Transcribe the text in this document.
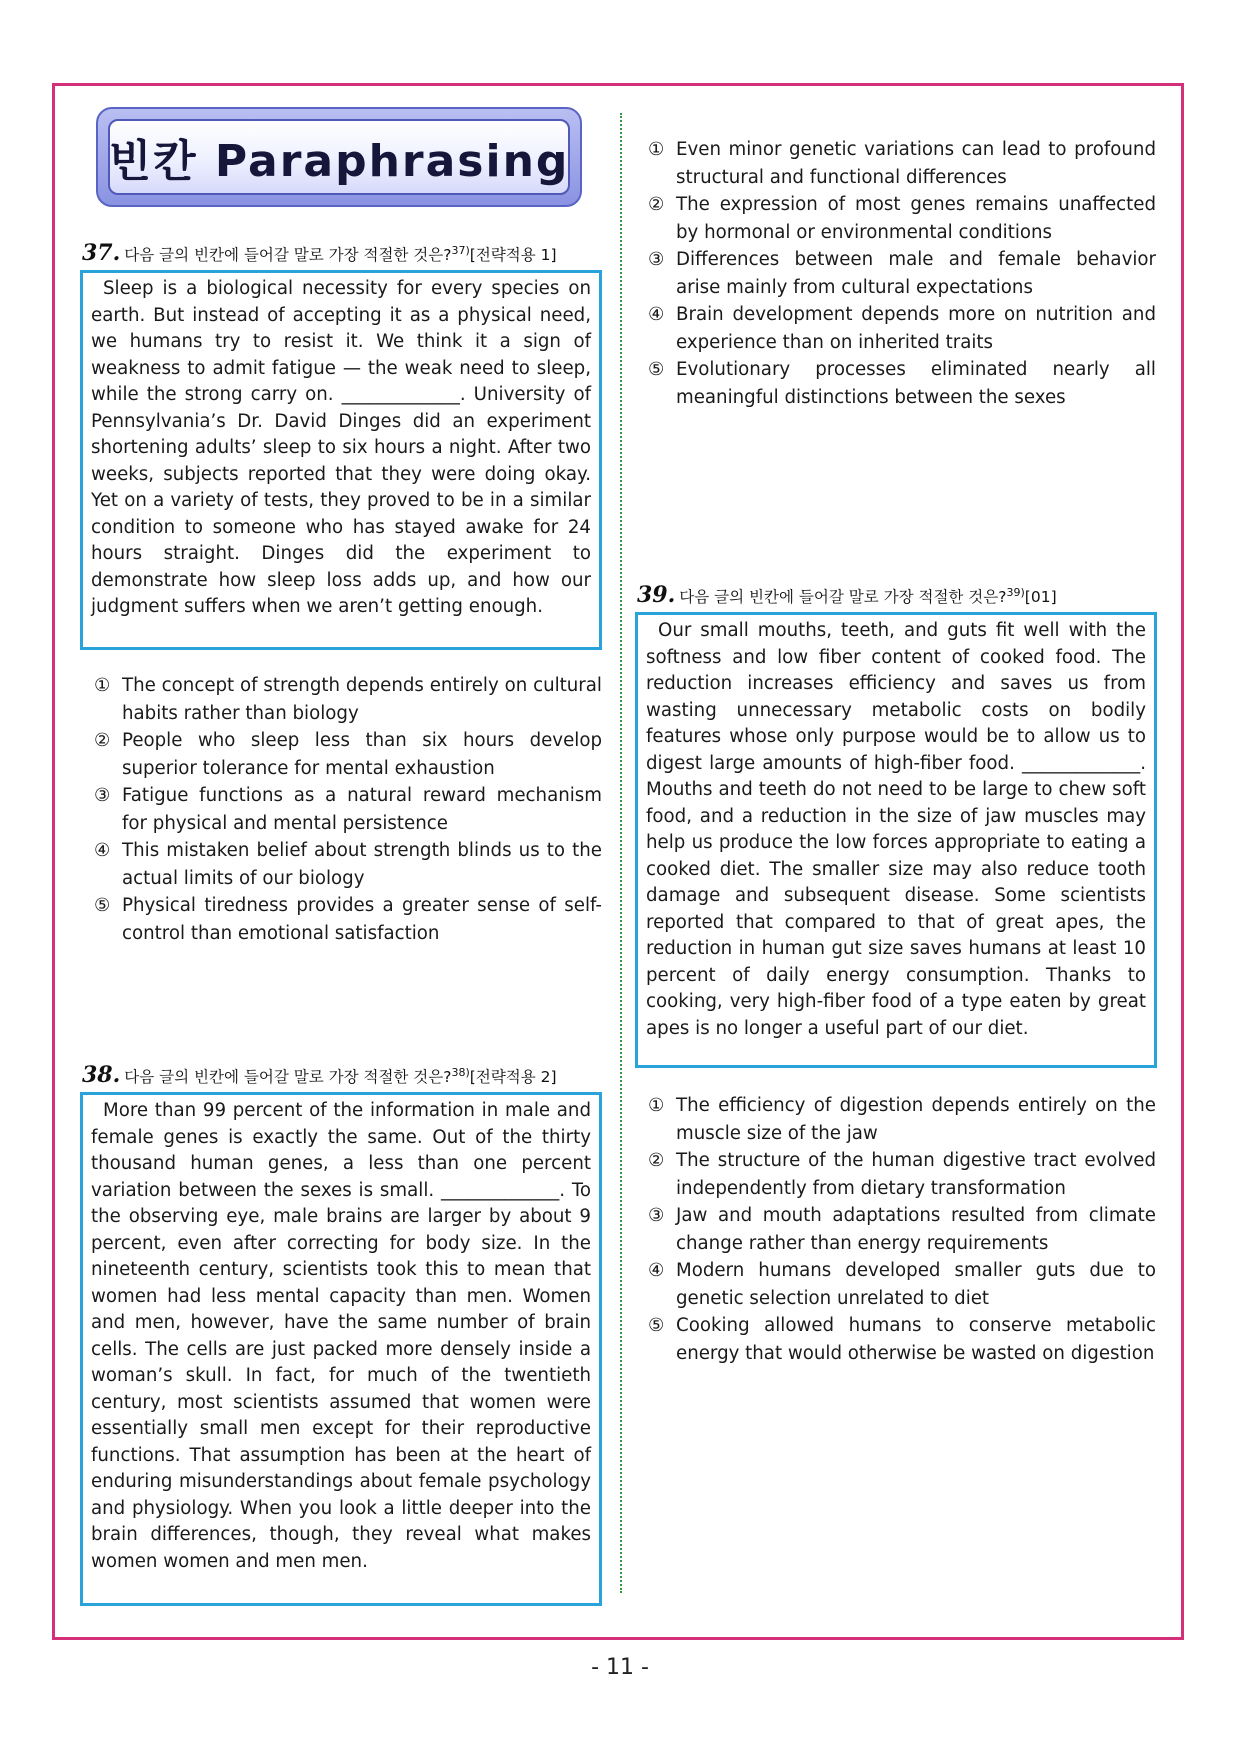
빈칸 Paraphrasing
37. 다음 글의 빈칸에 들어갈 말로 가장 적절한 것은?$^{37)}$[전략적용 1]

Sleep is a biological necessity for every species on earth. But instead of accepting it as a physical need, we humans try to resist it. We think it a sign of weakness to admit fatigue — the weak need to sleep, while the strong carry on. _____________. University of Pennsylvania’s Dr. David Dinges did an experiment shortening adults’ sleep to six hours a night. After two weeks, subjects reported that they were doing okay. Yet on a variety of tests, they proved to be in a similar condition to someone who has stayed awake for 24 hours straight. Dinges did the experiment to demonstrate how sleep loss adds up, and how our judgment suffers when we aren’t getting enough.

① The concept of strength depends entirely on cultural habits rather than biology
② People who sleep less than six hours develop superior tolerance for mental exhaustion
③ Fatigue functions as a natural reward mechanism for physical and mental persistence
④ This mistaken belief about strength blinds us to the actual limits of our biology
⑤ Physical tiredness provides a greater sense of self-control than emotional satisfaction
38. 다음 글의 빈칸에 들어갈 말로 가장 적절한 것은?$^{38)}$[전략적용 2]

More than 99 percent of the information in male and female genes is exactly the same. Out of the thirty thousand human genes, a less than one percent variation between the sexes is small. _____________. To the observing eye, male brains are larger by about 9 percent, even after correcting for body size. In the nineteenth century, scientists took this to mean that women had less mental capacity than men. Women and men, however, have the same number of brain cells. The cells are just packed more densely inside a woman’s skull. In fact, for much of the twentieth century, most scientists assumed that women were essentially small men except for their reproductive functions. That assumption has been at the heart of enduring misunderstandings about female psychology and physiology. When you look a little deeper into the brain differences, though, they reveal what makes women women and men men.

① Even minor genetic variations can lead to profound structural and functional differences
② The expression of most genes remains unaffected by hormonal or environmental conditions
③ Differences between male and female behavior arise mainly from cultural expectations
④ Brain development depends more on nutrition and experience than on inherited traits
⑤ Evolutionary processes eliminated nearly all meaningful distinctions between the sexes
39. 다음 글의 빈칸에 들어갈 말로 가장 적절한 것은?$^{39)}$[01]

Our small mouths, teeth, and guts fit well with the softness and low fiber content of cooked food. The reduction increases efficiency and saves us from wasting unnecessary metabolic costs on bodily features whose only purpose would be to allow us to digest large amounts of high-fiber food. _____________. Mouths and teeth do not need to be large to chew soft food, and a reduction in the size of jaw muscles may help us produce the low forces appropriate to eating a cooked diet. The smaller size may also reduce tooth damage and subsequent disease. Some scientists reported that compared to that of great apes, the reduction in human gut size saves humans at least 10 percent of daily energy consumption. Thanks to cooking, very high-fiber food of a type eaten by great apes is no longer a useful part of our diet.

① The efficiency of digestion depends entirely on the muscle size of the jaw
② The structure of the human digestive tract evolved independently from dietary transformation
③ Jaw and mouth adaptations resulted from climate change rather than energy requirements
④ Modern humans developed smaller guts due to genetic selection unrelated to diet
⑤ Cooking allowed humans to conserve metabolic energy that would otherwise be wasted on digestion
- 11 -
